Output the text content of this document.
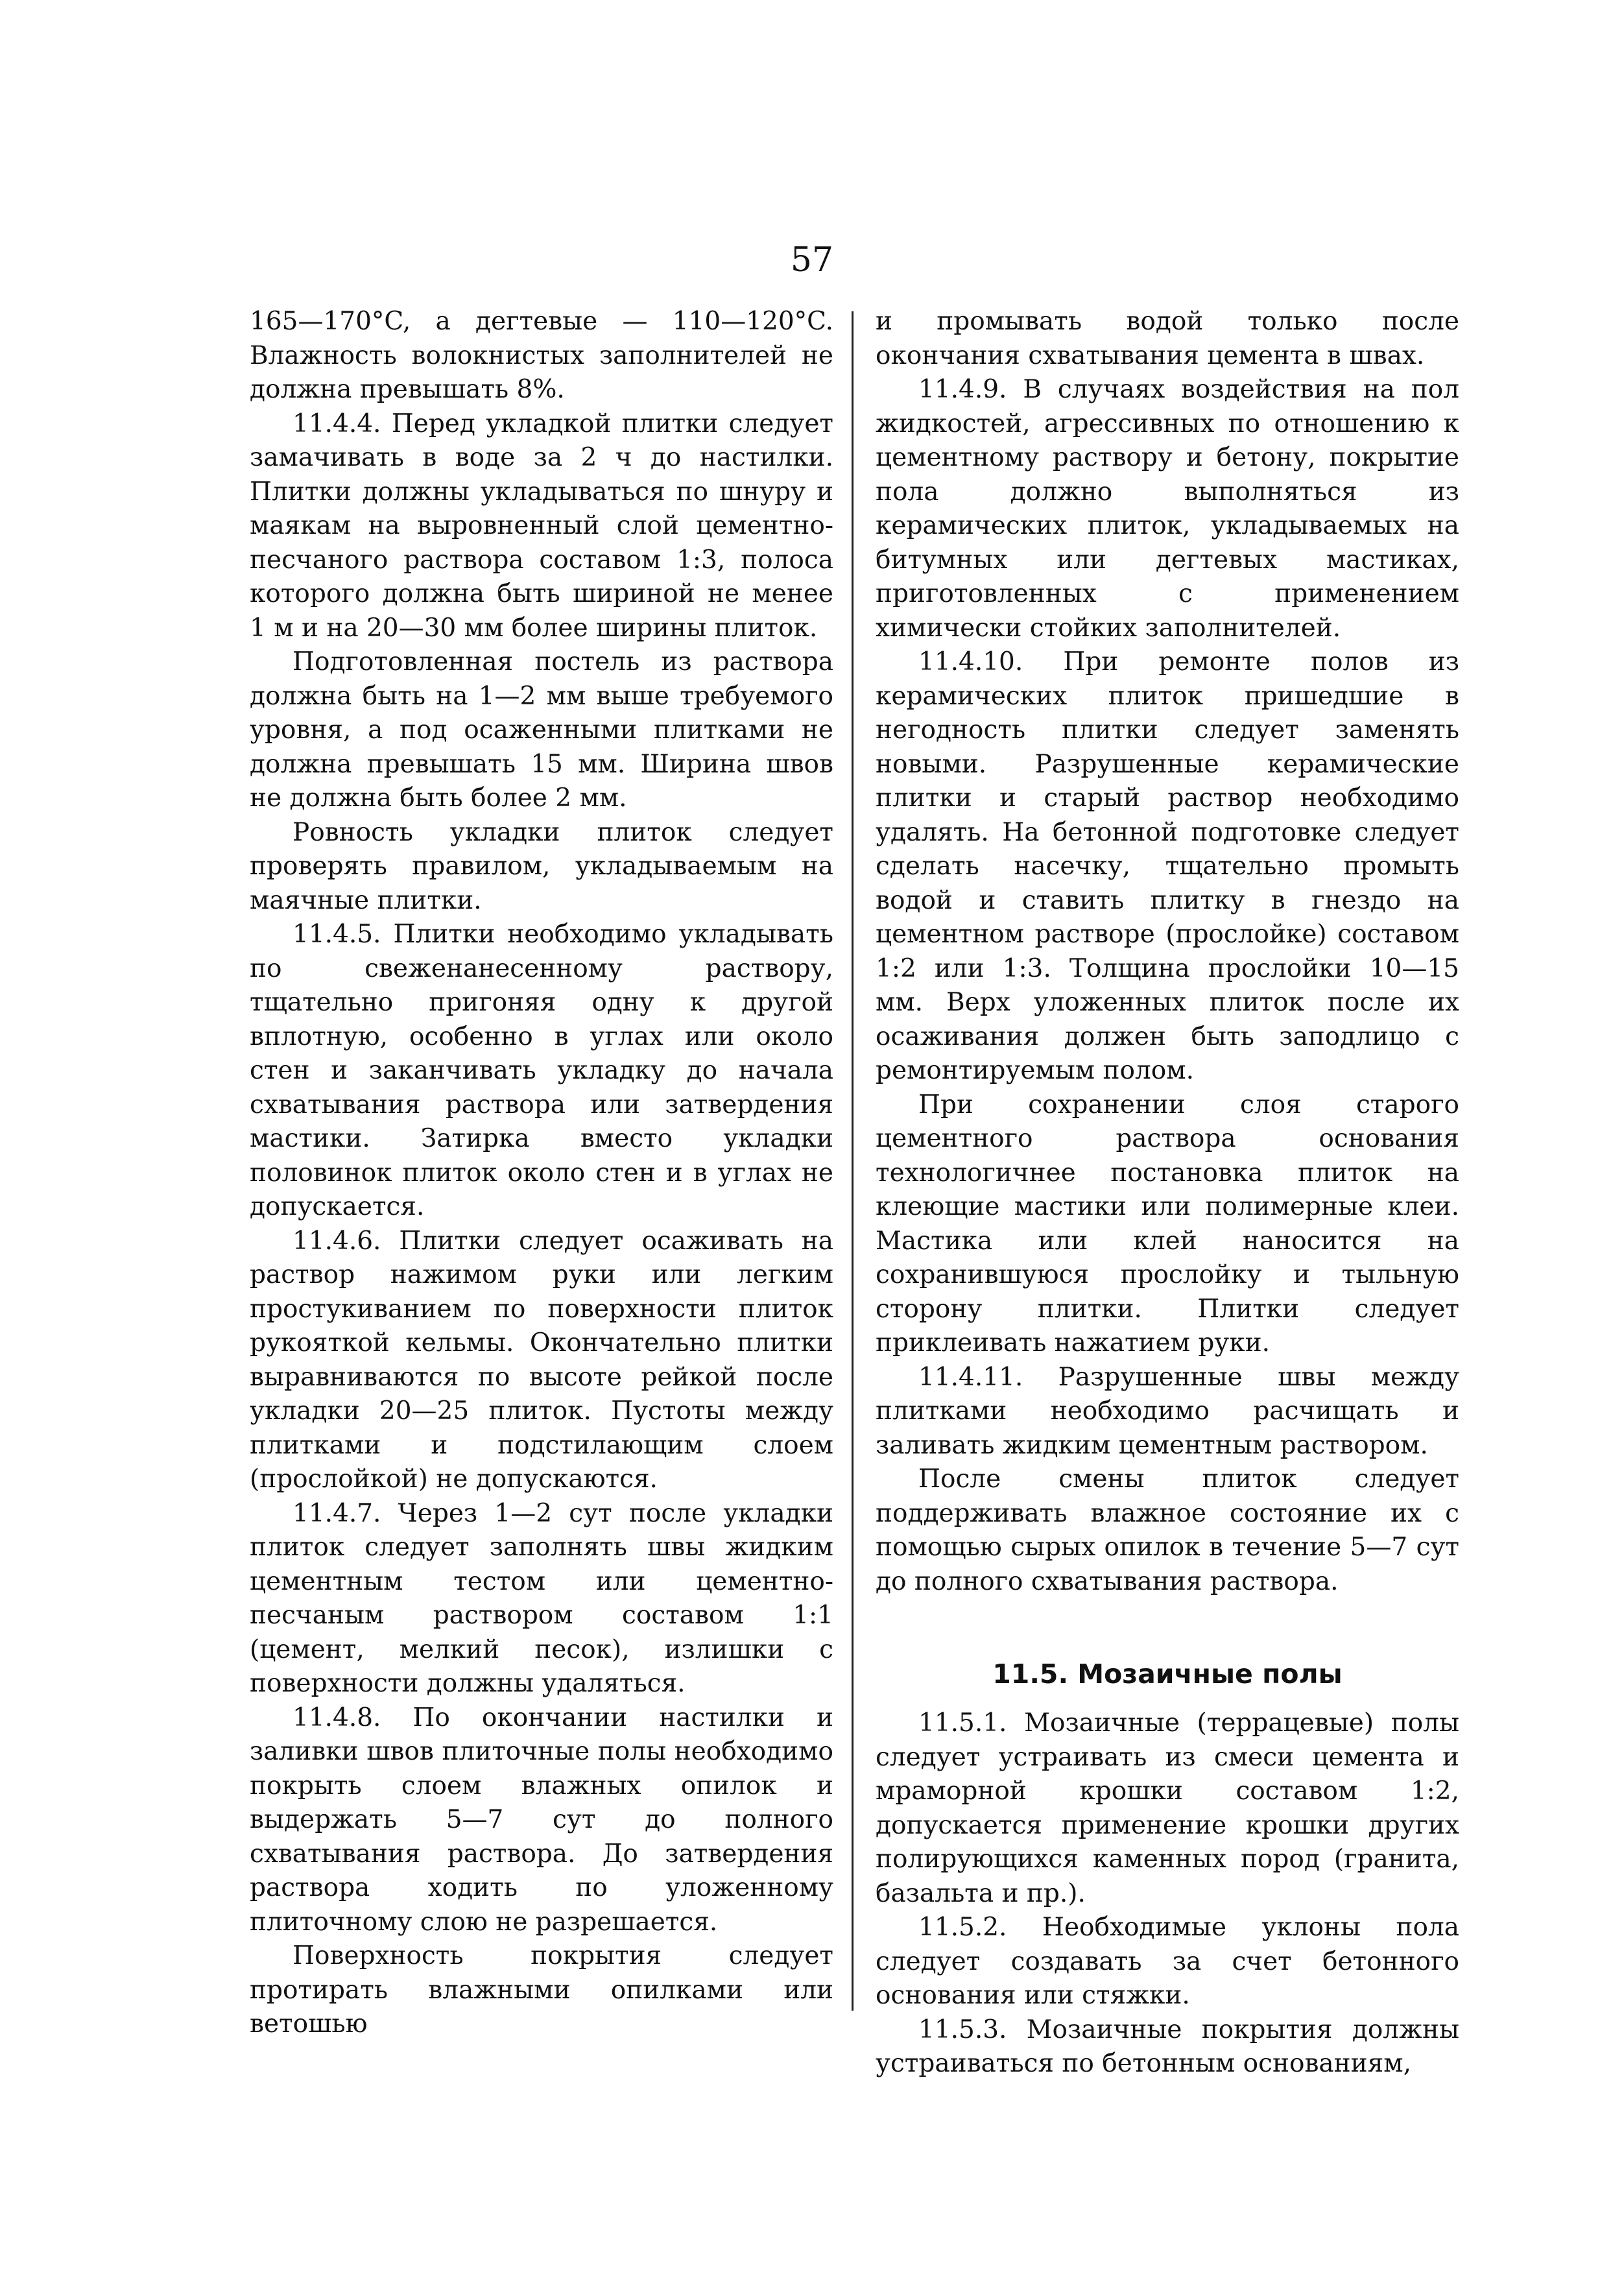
57

165—170°C, а дегтевые — 110—120°C. Влажность волокнистых заполнителей не должна превышать 8%.

11.4.4. Перед укладкой плитки следует замачивать в воде за 2 ч до настилки. Плитки должны укладываться по шнуру и маякам на выровненный слой цементно-песчаного раствора составом 1:3, полоса которого должна быть шириной не менее 1 м и на 20—30 мм более ширины плиток.

Подготовленная постель из раствора должна быть на 1—2 мм выше требуемого уровня, а под осаженными плитками не должна превышать 15 мм. Ширина швов не должна быть более 2 мм.

Ровность укладки плиток следует проверять правилом, укладываемым на маячные плитки.

11.4.5. Плитки необходимо укладывать по свеженанесенному раствору, тщательно пригоняя одну к другой вплотную, особенно в углах или около стен и заканчивать укладку до начала схватывания раствора или затвердения мастики. Затирка вместо укладки половинок плиток около стен и в углах не допускается.

11.4.6. Плитки следует осаживать на раствор нажимом руки или легким простукиванием по поверхности плиток рукояткой кельмы. Окончательно плитки выравниваются по высоте рейкой после укладки 20—25 плиток. Пустоты между плитками и подстилающим слоем (прослойкой) не допускаются.

11.4.7. Через 1—2 сут после укладки плиток следует заполнять швы жидким цементным тестом или цементно-песчаным раствором составом 1:1 (цемент, мелкий песок), излишки с поверхности должны удаляться.

11.4.8. По окончании настилки и заливки швов плиточные полы необходимо покрыть слоем влажных опилок и выдержать 5—7 сут до полного схватывания раствора. До затвердения раствора ходить по уложенному плиточному слою не разрешается.

Поверхность покрытия следует протирать влажными опилками или ветошью

и промывать водой только после окончания схватывания цемента в швах.

11.4.9. В случаях воздействия на пол жидкостей, агрессивных по отношению к цементному раствору и бетону, покрытие пола должно выполняться из керамических плиток, укладываемых на битумных или дегтевых мастиках, приготовленных с применением химически стойких заполнителей.

11.4.10. При ремонте полов из керамических плиток пришедшие в негодность плитки следует заменять новыми. Разрушенные керамические плитки и старый раствор необходимо удалять. На бетонной подготовке следует сделать насечку, тщательно промыть водой и ставить плитку в гнездо на цементном растворе (прослойке) составом 1:2 или 1:3. Толщина прослойки 10—15 мм. Верх уложенных плиток после их осаживания должен быть заподлицо с ремонтируемым полом.

При сохранении слоя старого цементного раствора основания технологичнее постановка плиток на клеющие мастики или полимерные клеи. Мастика или клей наносится на сохранившуюся прослойку и тыльную сторону плитки. Плитки следует приклеивать нажатием руки.

11.4.11. Разрушенные швы между плитками необходимо расчищать и заливать жидким цементным раствором.

После смены плиток следует поддерживать влажное состояние их с помощью сырых опилок в течение 5—7 сут до полного схватывания раствора.

11.5. Мозаичные полы

11.5.1. Мозаичные (террацевые) полы следует устраивать из смеси цемента и мраморной крошки составом 1:2, допускается применение крошки других полирующихся каменных пород (гранита, базальта и пр.).

11.5.2. Необходимые уклоны пола следует создавать за счет бетонного основания или стяжки.

11.5.3. Мозаичные покрытия должны устраиваться по бетонным основаниям,
